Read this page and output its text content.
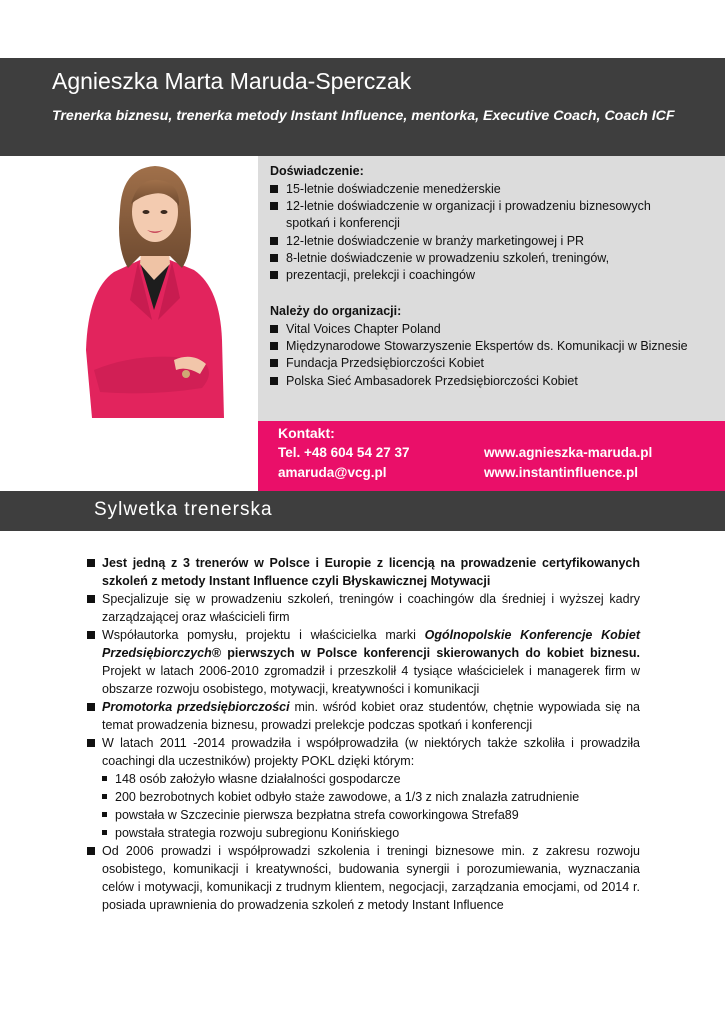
Agnieszka Marta Maruda-Sperczak
Trenerka biznesu, trenerka metody Instant Influence, mentorka, Executive Coach, Coach ICF
Doświadczenie:
15-letnie doświadczenie menedżerskie
12-letnie doświadczenie w organizacji i prowadzeniu biznesowych
spotkań i konferencji
12-letnie doświadczenie w branży marketingowej i PR
8-letnie doświadczenie w prowadzeniu szkoleń, treningów,
prezentacji, prelekcji i coachingów
Należy do organizacji:
Vital Voices Chapter Poland
Międzynarodowe Stowarzyszenie Ekspertów ds. Komunikacji w Biznesie
Fundacja Przedsiębiorczości Kobiet
Polska Sieć Ambasadorek Przedsiębiorczości Kobiet
Kontakt:
Tel. +48 604 54 27 37
amaruda@vcg.pl
www.agnieszka-maruda.pl
www.instantinfluence.pl
Sylwetka trenerska
Jest jedną z 3 trenerów w Polsce i Europie z licencją na prowadzenie certyfikowanych szkoleń z metody Instant Influence czyli Błyskawicznej Motywacji
Specjalizuje się w prowadzeniu szkoleń, treningów i coachingów dla średniej i wyższej kadry zarządzającej oraz właścicieli firm
Współautorka pomysłu, projektu i właścicielka marki Ogólnopolskie Konferencje Kobiet Przedsiębiorczych® pierwszych w Polsce konferencji skierowanych do kobiet biznesu. Projekt w latach 2006-2010 zgromadził i przeszkolił 4 tysiące właścicielek i managerek firm w obszarze rozwoju osobistego, motywacji, kreatywności i komunikacji
Promotorka przedsiębiorczości min. wśród kobiet oraz studentów, chętnie wypowiada się na temat prowadzenia biznesu, prowadzi prelekcje podczas spotkań i konferencji
W latach 2011 -2014 prowadziła i współprowadziła (w niektórych także szkoliła i prowadziła coachingi dla uczestników) projekty POKL dzięki którym:
148 osób założyło własne działalności gospodarcze
200 bezrobotnych kobiet odbyło staże zawodowe, a 1/3 z nich znalazła zatrudnienie
powstała w Szczecinie pierwsza bezpłatna strefa coworkingowa Strefa89
powstała strategia rozwoju subregionu Konińskiego
Od 2006 prowadzi i współprowadzi szkolenia i treningi biznesowe min. z zakresu rozwoju osobistego, komunikacji i kreatywności, budowania synergii i porozumiewania, wyznaczania celów i motywacji, komunikacji z trudnym klientem, negocjacji, zarządzania emocjami, od 2014 r. posiada uprawnienia do prowadzenia szkoleń z metody Instant Influence
